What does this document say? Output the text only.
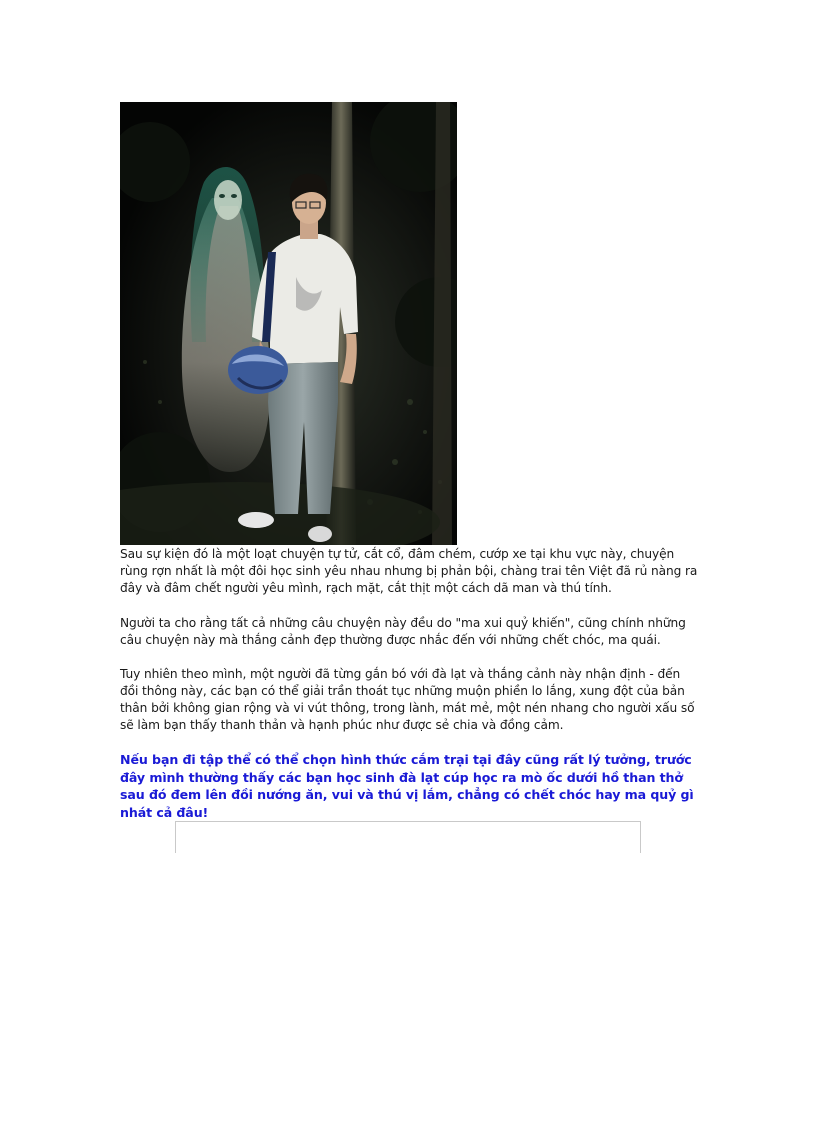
Sau sự kiện đó là một loạt chuyện tự tử, cắt cổ, đâm chém, cướp xe tại khu vực này, chuyện rùng rợn nhất là một đôi học sinh yêu nhau nhưng bị phản bội, chàng trai tên Việt đã rủ nàng ra đây và đâm chết người yêu mình, rạch mặt, cắt thịt một cách dã man và thú tính.
Người ta cho rằng tất cả những câu chuyện này đều do "ma xui quỷ khiến", cũng chính những câu chuyện này mà thắng cảnh đẹp thường được nhắc đến với những chết chóc, ma quái.
Tuy nhiên theo mình, một người đã từng gắn bó với đà lạt và thắng cảnh này nhận định - đến đồi thông này, các bạn có thể giải trần thoát tục những muộn phiền lo lắng, xung đột của bản thân bởi không gian rộng và vi vút thông, trong lành, mát mẻ, một nén nhang cho người xấu số sẽ làm bạn thấy thanh thản và hạnh phúc như được sẻ chia và đồng cảm.
Nếu bạn đi tập thể có thể chọn hình thức cắm trại tại đây cũng rất lý tưởng, trước đây mình thường thấy các bạn học sinh đà lạt cúp học ra mò ốc dưới hồ than thở sau đó đem lên đồi nướng ăn, vui và thú vị lắm, chẳng có chết chóc hay ma quỷ gì nhát cả đâu!
